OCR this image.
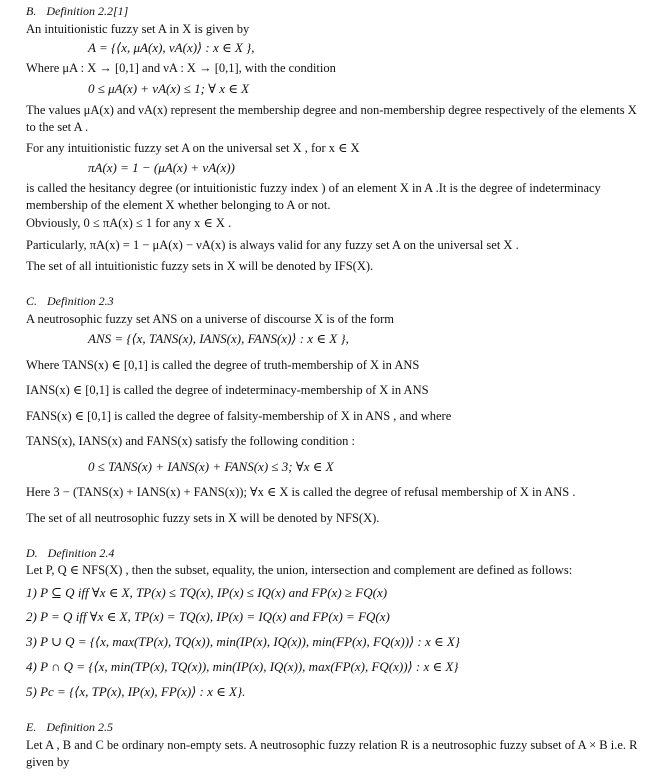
B. Definition 2.2[1]
An intuitionistic fuzzy set A in X is given by
A = {⟨x, μA(x), νA(x)⟩ : x ∈ X },
Where μA : X → [0,1] and νA : X → [0,1], with the condition
0 ≤ μA(x) + νA(x) ≤ 1; ∀ x ∈ X
The values μA(x) and νA(x) represent the membership degree and non-membership degree respectively of the elements X to the set A .
For any intuitionistic fuzzy set A on the universal set X , for x ∈ X
πA(x) = 1 − (μA(x) + νA(x))
is called the hesitancy degree (or intuitionistic fuzzy index ) of an element X in A .It is the degree of indeterminacy membership of the element X whether belonging to A or not.
Obviously, 0 ≤ πA(x) ≤ 1 for any x ∈ X .
Particularly, πA(x) = 1 − μA(x) − νA(x) is always valid for any fuzzy set A on the universal set X .
The set of all intuitionistic fuzzy sets in X will be denoted by IFS(X).
C. Definition 2.3
A neutrosophic fuzzy set ANS on a universe of discourse X is of the form
ANS = {⟨x, TANS(x), IANS(x), FANS(x)⟩ : x ∈ X },
Where TANS(x) ∈ [0,1] is called the degree of truth-membership of X in ANS
IANS(x) ∈ [0,1] is called the degree of indeterminacy-membership of X in ANS
FANS(x) ∈ [0,1] is called the degree of falsity-membership of X in ANS , and where
TANS(x), IANS(x) and FANS(x) satisfy the following condition :
0 ≤ TANS(x) + IANS(x) + FANS(x) ≤ 3; ∀x ∈ X
Here 3 − (TANS(x) + IANS(x) + FANS(x)); ∀x ∈ X is called the degree of refusal membership of X in ANS .
The set of all neutrosophic fuzzy sets in X will be denoted by NFS(X).
D. Definition 2.4
Let P, Q ∈ NFS(X) , then the subset, equality, the union, intersection and complement are defined as follows:
1) P ⊆ Q iff ∀x ∈ X, TP(x) ≤ TQ(x), IP(x) ≤ IQ(x) and FP(x) ≥ FQ(x)
2) P = Q iff ∀x ∈ X, TP(x) = TQ(x), IP(x) = IQ(x) and FP(x) = FQ(x)
3) P ∪ Q = {⟨x, max(TP(x), TQ(x)), min(IP(x), IQ(x)), min(FP(x), FQ(x))⟩ : x ∈ X}
4) P ∩ Q = {⟨x, min(TP(x), TQ(x)), min(IP(x), IQ(x)), max(FP(x), FQ(x))⟩ : x ∈ X}
5) Pc = {⟨x, TP(x), IP(x), FP(x)⟩ : x ∈ X}.
E. Definition 2.5
Let A , B and C be ordinary non-empty sets. A neutrosophic fuzzy relation R is a neutrosophic fuzzy subset of A × B i.e. R given by
